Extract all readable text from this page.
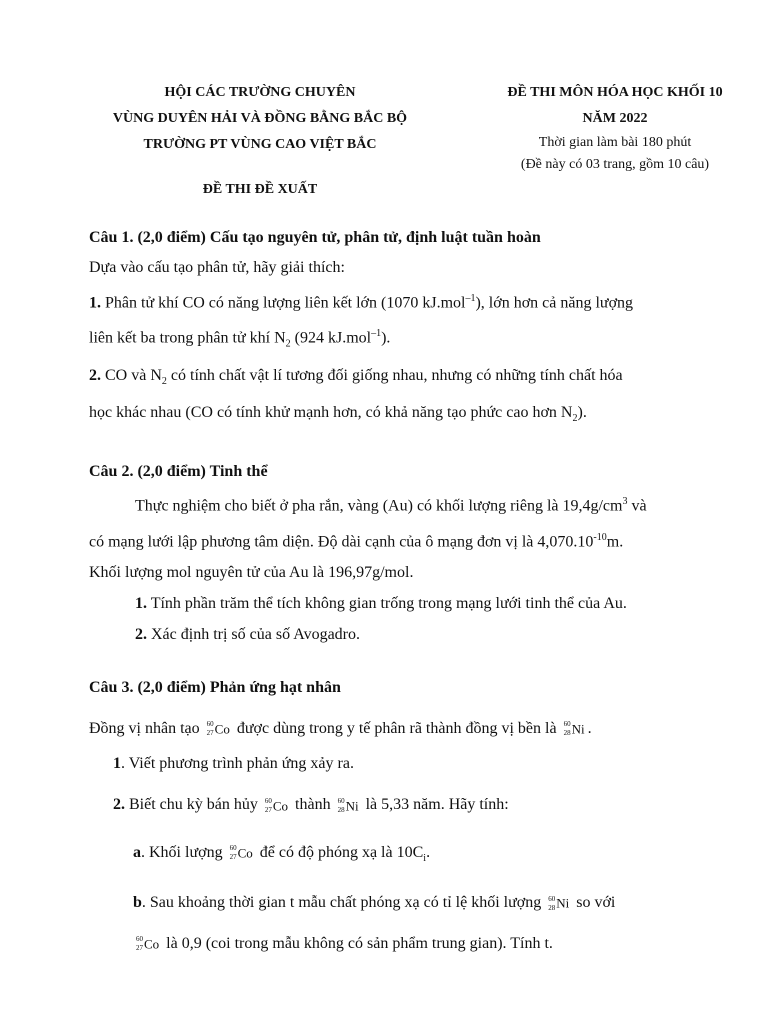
HỘI CÁC TRƯỜNG CHUYÊN
VÙNG DUYÊN HẢI VÀ ĐỒNG BẰNG BẮC BỘ
TRƯỜNG PT VÙNG CAO VIỆT BẮC
ĐỀ THI MÔN HÓA HỌC KHỐI 10
NĂM 2022
Thời gian làm bài 180 phút
(Đề này có 03 trang, gồm 10 câu)
ĐỀ THI ĐỀ XUẤT

Câu 1. (2,0 điểm) Cấu tạo nguyên tử, phân tử, định luật tuần hoàn

Dựa vào cấu tạo phân tử, hãy giải thích:

1. Phân tử khí CO có năng lượng liên kết lớn (1070 kJ.mol$^{-1}$), lớn hơn cả năng lượng

liên kết ba trong phân tử khí $N_2$ (924 kJ.mol$^{-1}$).

2. CO và $N_2$ có tính chất vật lí tương đối giống nhau, nhưng có những tính chất hóa

học khác nhau (CO có tính khử mạnh hơn, có khả năng tạo phức cao hơn $N_2$).

Câu 2. (2,0 điểm) Tinh thể

Thực nghiệm cho biết ở pha rắn, vàng (Au) có khối lượng riêng là $19,4g/cm^3$ và

có mạng lưới lập phương tâm diện. Độ dài cạnh của ô mạng đơn vị là $4,070.10^{-10}m$.

Khối lượng mol nguyên tử của Au là 196,97g/mol.

1. Tính phần trăm thể tích không gian trống trong mạng lưới tinh thể của Au.

2. Xác định trị số của số Avogadro.

Câu 3. (2,0 điểm) Phản ứng hạt nhân

Đồng vị nhân tạo 60
27Co được dùng trong y tế phân rã thành đồng vị bền là 60
28Ni .

1. Viết phương trình phản ứng xảy ra.

2. Biết chu kỳ bán hủy 60
27Co thành 60
28Ni là 5,33 năm. Hãy tính:

a. Khối lượng 60
27Co để có độ phóng xạ là $10C_i$.

b. Sau khoảng thời gian t mẫu chất phóng xạ có tỉ lệ khối lượng 60
28Ni so với

60
27Co là 0,9 (coi trong mẫu không có sản phẩm trung gian). Tính t.
